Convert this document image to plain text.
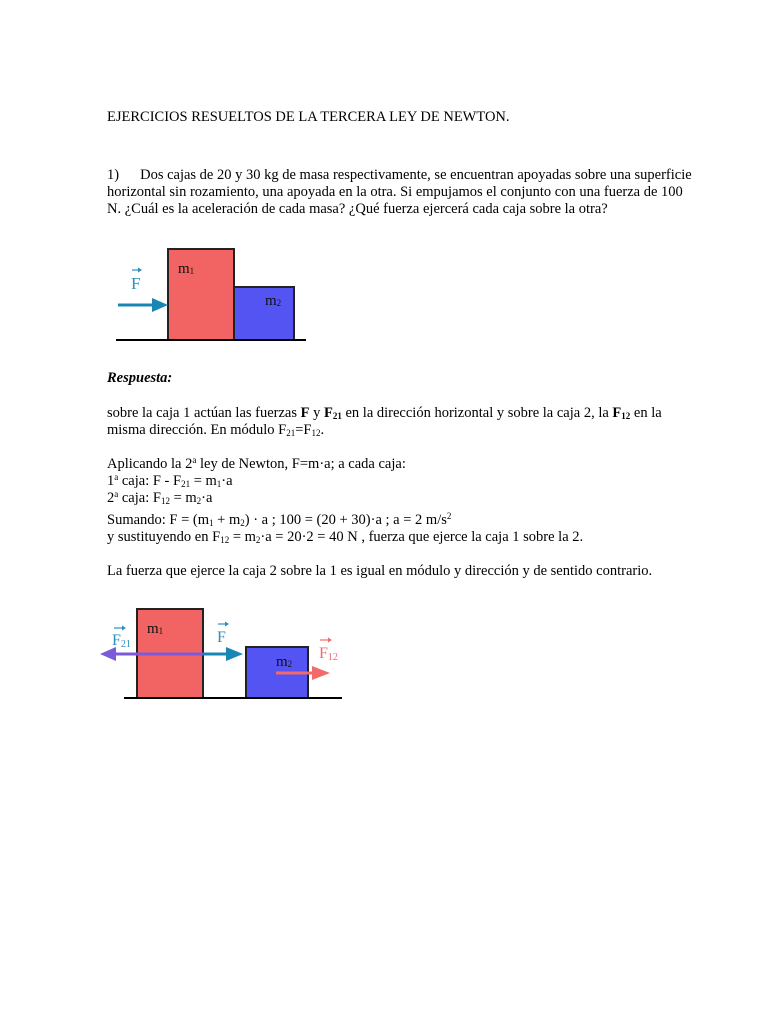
EJERCICIOS RESUELTOS DE LA TERCERA LEY DE NEWTON.
1) Dos cajas de 20 y 30 kg de masa respectivamente, se encuentran apoyadas sobre una superficie
horizontal sin rozamiento, una apoyada en la otra. Si empujamos el conjunto con una fuerza de 100
N. ¿Cuál es la aceleración de cada masa? ¿Qué fuerza ejercerá cada caja sobre la otra?
F
m1
m2
Respuesta:
sobre la caja 1 actúan las fuerzas F y $F_{21}$ en la dirección horizontal y sobre la caja 2, la $F_{12}$ en la
misma dirección. En módulo $F_{21}=F_{12}$.
Aplicando la 2$^a$ ley de Newton, F=m·a; a cada caja:
1$^a$ caja: $F - F_{21} = m_1\cdot a$
2$^a$ caja: $F_{12} = m_2\cdot a$
Sumando: $F = (m_1 + m_2) \cdot a$ ; 100 = (20 + 30)·a ; a = 2 $m/s^2$
y sustituyendo en $F_{12} = m_2\cdot a = 20\cdot 2 = 40$ N , fuerza que ejerce la caja 1 sobre la 2.
La fuerza que ejerce la caja 2 sobre la 1 es igual en módulo y dirección y de sentido contrario.
F21	F
F12
m1
m2
